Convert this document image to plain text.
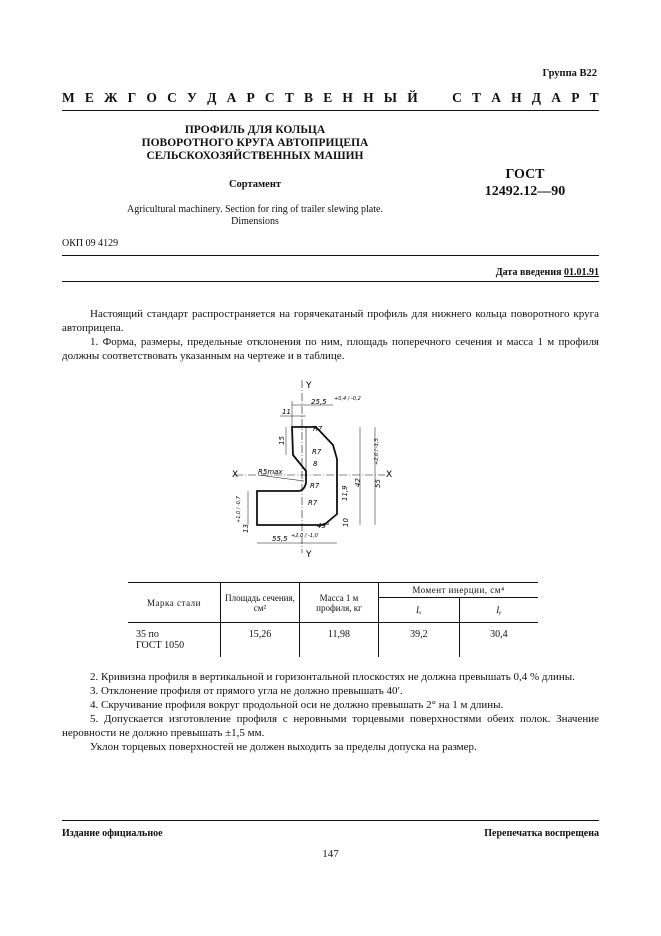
Группа В22
М Е Ж Г О С У Д А Р С Т В Е Н Н Ы Й	С Т А Н Д А Р Т
ПРОФИЛЬ ДЛЯ КОЛЬЦА
ПОВОРОТНОГО КРУГА АВТОПРИЦЕПА
СЕЛЬСКОХОЗЯЙСТВЕННЫХ МАШИН
Сортамент
ГОСТ
12492.12—90
Agricultural machinery. Section for ring of trailer slewing plate.
Dimensions
ОКП 09 4129
Дата введения 01.01.91

Настоящий стандарт распространяется на горячекатаный профиль для нижнего кольца поворотного круга автоприцепа.

1. Форма, размеры, предельные отклонения по ним, площадь поперечного сечения и масса 1 м профиля должны соответствовать указанным на чертеже и в таблице.

Y
Y
X	X
25,5 +0,4 / -0,2
11
15
R7
R7
R5max
8
R7
R7
42 55
+2,0 / -1,5
11,9
10
45°
13
+1,0 / -0,7
55,5 +2,0 / -1,0
Марка стали	Площадь сечения, см²	Масса 1 м профиля, кг	Момент инерции, см⁴	
			Iₓ	Iᵧ

35 по
ГОСТ 1050	15,26	11,98	39,2	30,4

2. Кривизна профиля в вертикальной и горизонтальной плоскостях не должна превышать 0,4 % длины.

3. Отклонение профиля от прямого угла не должно превышать 40′.

4. Скручивание профиля вокруг продольной оси не должно превышать 2° на 1 м длины.

5. Допускается изготовление профиля с неровными торцевыми поверхностями обеих полок. Значение неровности не должно превышать ±1,5 мм.

Уклон торцевых поверхностей не должен выходить за пределы допуска на размер.

Издание официальное	Перепечатка воспрещена
147
